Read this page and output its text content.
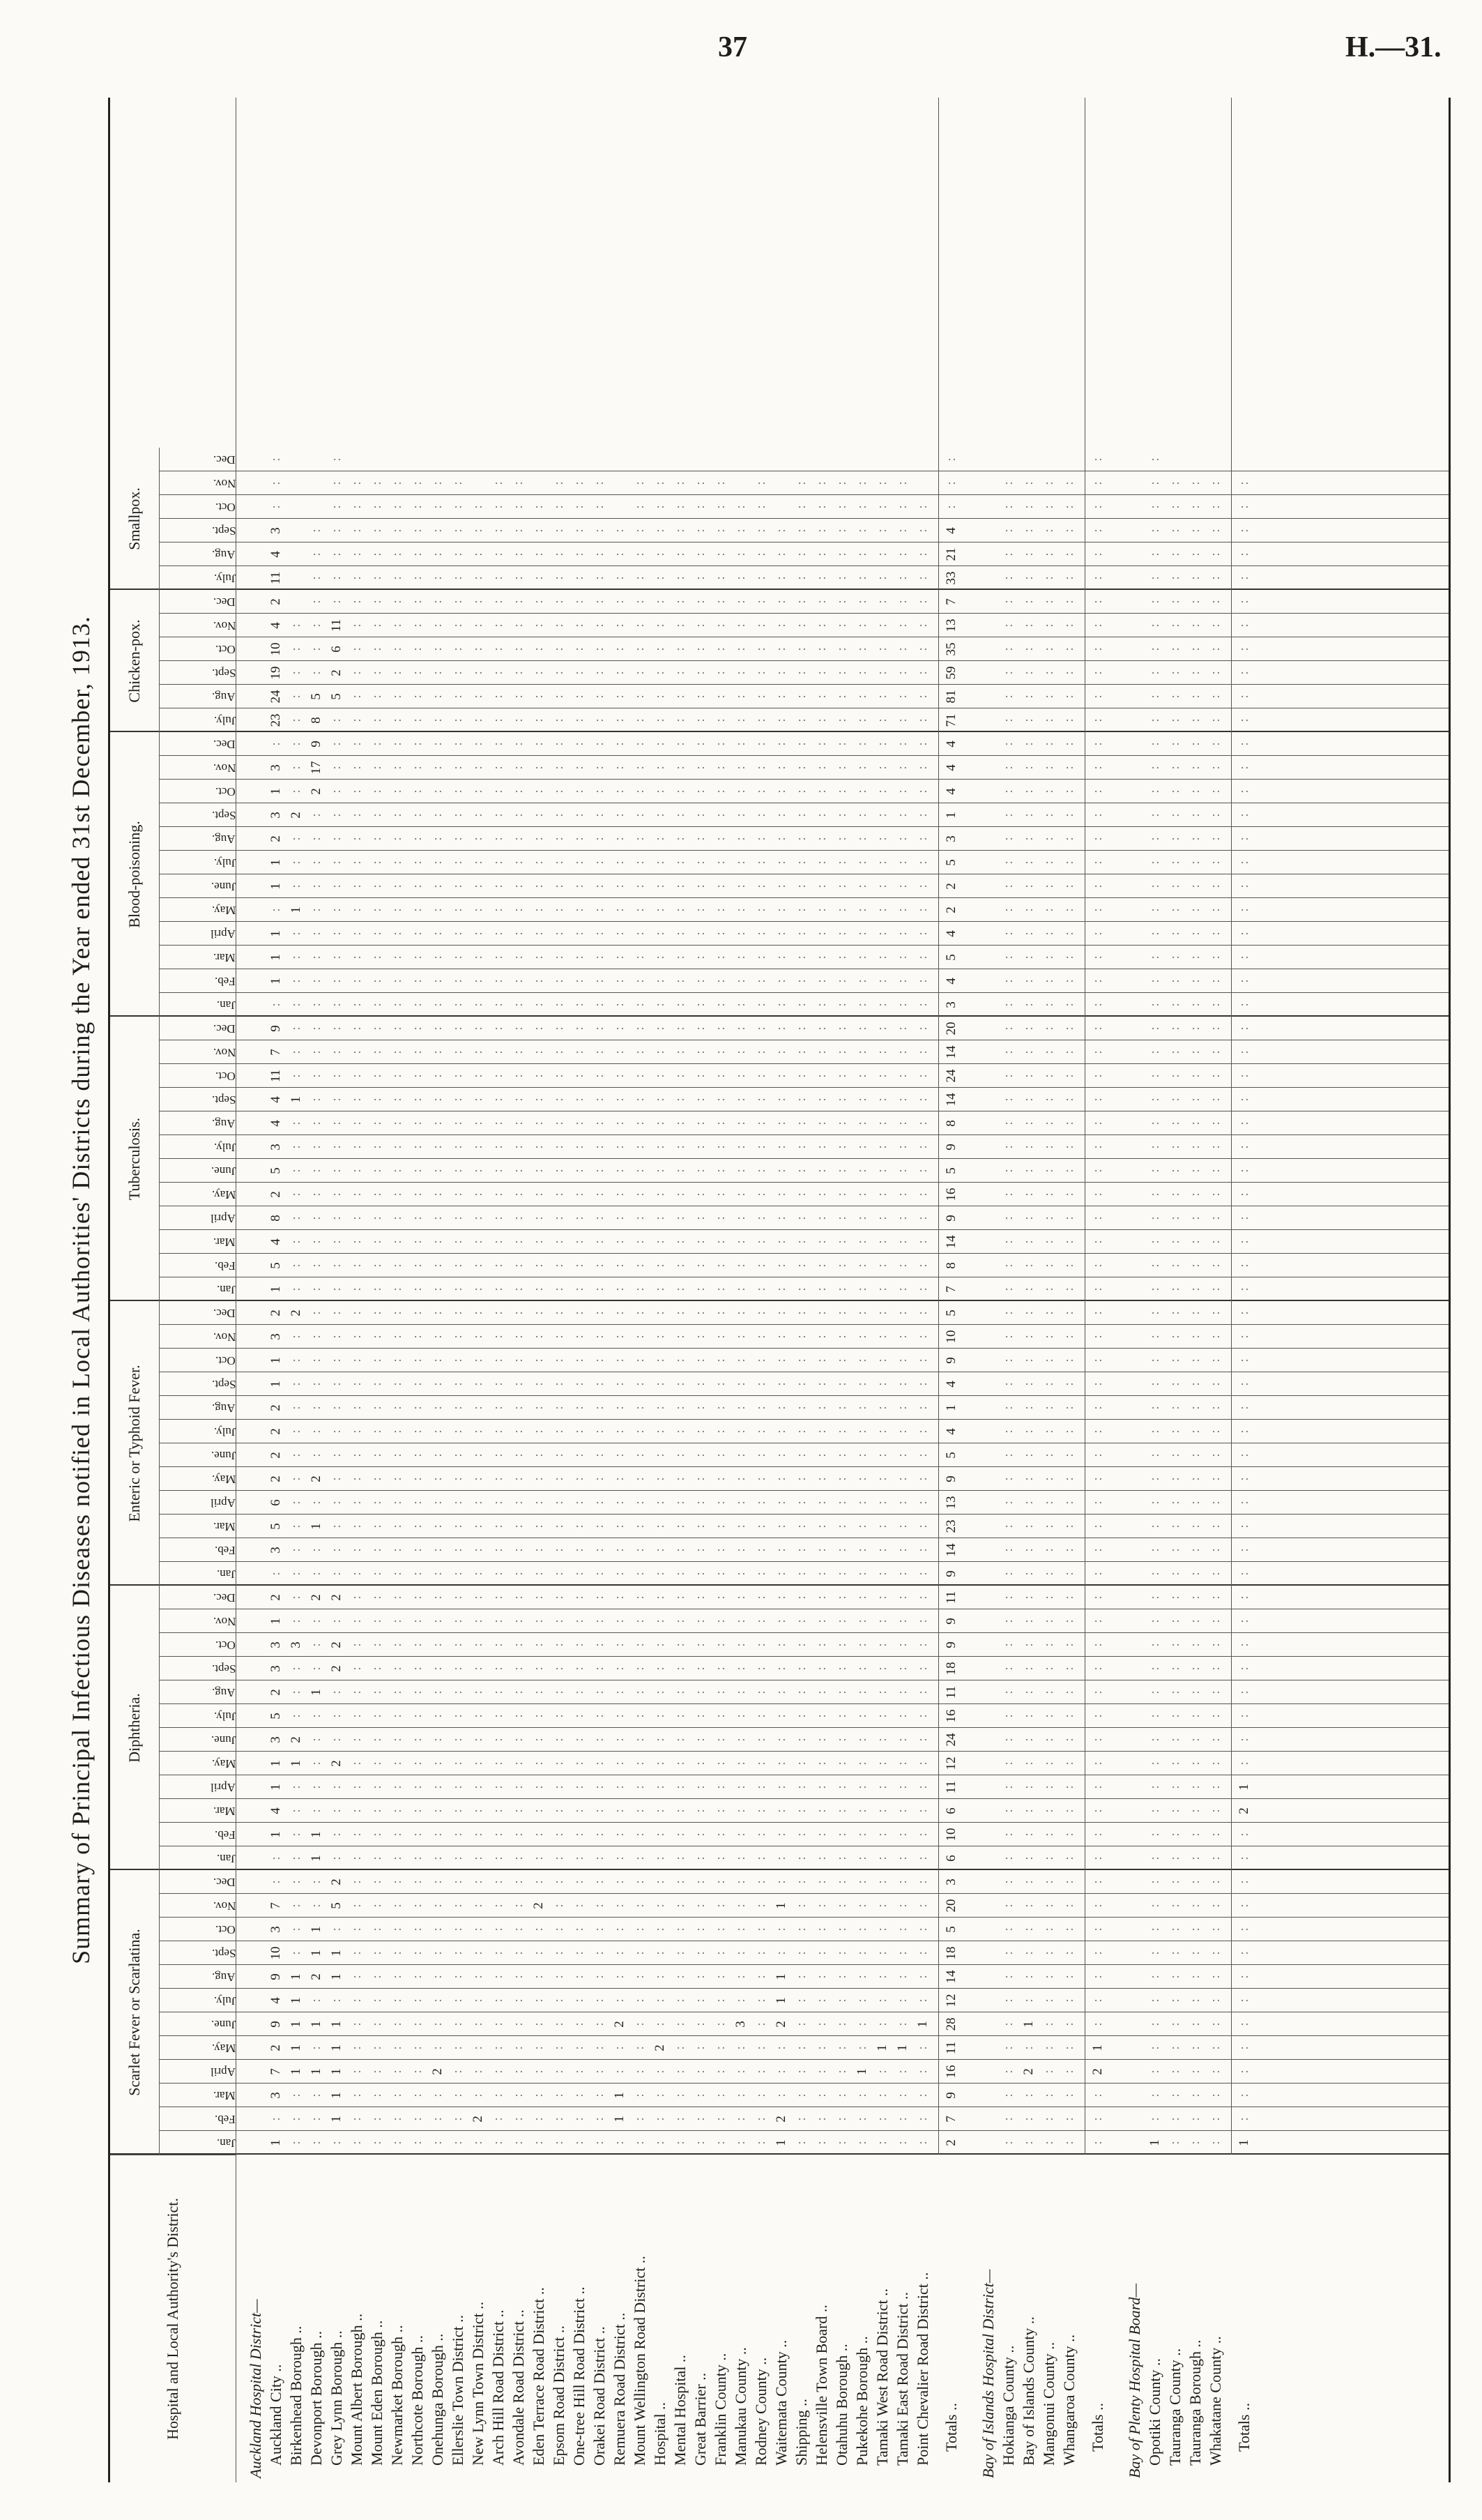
37	H.—31.
Summary of Principal Infectious Diseases notified in Local Authorities' Districts during the Year ended 31st December, 1913.
Hospital and Local Authority's District.
Scarlet Fever or Scarlatina.
Jan.
Feb.
Mar.
April
May.
June.
July.
Aug.
Sept.
Oct.
Nov.
Dec.
Diphtheria.
Jan.
Feb.
Mar.
April
May.
June.
July.
Aug.
Sept.
Oct.
Nov.
Dec.
Enteric or Typhoid Fever.
Jan.
Feb.
Mar.
April
May.
June.
July.
Aug.
Sept.
Oct.
Nov.
Dec.
Tuberculosis.
Jan.
Feb.
Mar.
April
May.
June.
July.
Aug.
Sept.
Oct.
Nov.
Dec.
Blood-poisoning.
Jan.
Feb.
Mar.
April
May.
June.
July.
Aug.
Sept.
Oct.
Nov.
Dec.
Chicken-pox.
July.
Aug.
Sept.
Oct.
Nov.
Dec.
Smallpox.
July.
Aug.
Sept.
Oct.
Nov.
Dec.
Auckland Hospital District— Auckland City ..
1
:
3
7
2
9
4
9
10
3
7
:
:
1
4
1
1
3
5
2
3
3
1
2
:
3
5
6
2
2
2
2
1
1
3
2
1
5
4
8
2
5
3
4
4
11
7
9
:
1
1
1
:
1
1
2
3
1
3
:
23
24
19
10
4
2
11
4
3
:
:
:
Birkenhead Borough ..
:
:
:
1
1
1
1
1
:
:
:
:
:
:
:
:
1
2
:
:
:
3
:
:
:
:
:
:
:
:
:
:
:
:
:
2
:
:
:
:
:
:
:
:
1
:
:
:
:
:
:
:
1
:
:
:
2
:
:
:
:
:
:
:
:
Devonport Borough ..
:
:
:
1
:
1
:
2
1
1
:
:
1
1
:
:
:
:
:
1
:
:
:
2
:
:
1
:
2
:
:
:
:
:
:
:
:
:
:
:
:
:
:
:
:
:
:
:
:
:
:
:
:
:
:
:
:
2
17
9
8
5
:
:
:
:
:
:
:
Grey Lynn Borough ..
:
1
1
1
1
1
:
1
1
:
5
2
:
:
:
:
2
:
:
:
2
2
:
2
:
:
:
:
:
:
:
:
:
:
:
:
:
:
:
:
:
:
:
:
:
:
:
:
:
:
:
:
:
:
:
:
:
:
:
:
:
5
2
6
11
:
:
:
:
:
:
:
Mount Albert Borough ..
:
:
:
:
:
:
:
:
:
:
:
:
:
:
:
:
:
:
:
:
:
:
:
:
:
:
:
:
:
:
:
:
:
:
:
:
:
:
:
:
:
:
:
:
:
:
:
:
:
:
:
:
:
:
:
:
:
:
:
:
:
:
:
:
:
:
:
:
:
:
:
Mount Eden Borough ..
:
:
:
:
:
:
:
:
:
:
:
:
:
:
:
:
:
:
:
:
:
:
:
:
:
:
:
:
:
:
:
:
:
:
:
:
:
:
:
:
:
:
:
:
:
:
:
:
:
:
:
:
:
:
:
:
:
:
:
:
:
:
:
:
:
:
:
:
:
:
:
Newmarket Borough ..
:
:
:
:
:
:
:
:
:
:
:
:
:
:
:
:
:
:
:
:
:
:
:
:
:
:
:
:
:
:
:
:
:
:
:
:
:
:
:
:
:
:
:
:
:
:
:
:
:
:
:
:
:
:
:
:
:
:
:
:
:
:
:
:
:
:
:
:
:
:
:
Northcote Borough ..
:
:
:
:
:
:
:
:
:
:
:
:
:
:
:
:
:
:
:
:
:
:
:
:
:
:
:
:
:
:
:
:
:
:
:
:
:
:
:
:
:
:
:
:
:
:
:
:
:
:
:
:
:
:
:
:
:
:
:
:
:
:
:
:
:
:
:
:
:
:
:
Onehunga Borough ..
:
:
:
2
:
:
:
:
:
:
:
:
:
:
:
:
:
:
:
:
:
:
:
:
:
:
:
:
:
:
:
:
:
:
:
:
:
:
:
:
:
:
:
:
:
:
:
:
:
:
:
:
:
:
:
:
:
:
:
:
:
:
:
:
:
:
:
:
:
:
:
Ellerslie Town District ..
:
:
:
:
:
:
:
:
:
:
:
:
:
:
:
:
:
:
:
:
:
:
:
:
:
:
:
:
:
:
:
:
:
:
:
:
:
:
:
:
:
:
:
:
:
:
:
:
:
:
:
:
:
:
:
:
:
:
:
:
:
:
:
:
:
:
:
:
:
:
:
New Lynn Town District ..
:
2
:
:
:
:
:
:
:
:
:
:
:
:
:
:
:
:
:
:
:
:
:
:
:
:
:
:
:
:
:
:
:
:
:
:
:
:
:
:
:
:
:
:
:
:
:
:
:
:
:
:
:
:
:
:
:
:
:
:
:
:
:
:
:
:
:
:
:
:
Arch Hill Road District ..
:
:
:
:
:
:
:
:
:
:
:
:
:
:
:
:
:
:
:
:
:
:
:
:
:
:
:
:
:
:
:
:
:
:
:
:
:
:
:
:
:
:
:
:
:
:
:
:
:
:
:
:
:
:
:
:
:
:
:
:
:
:
:
:
:
:
:
:
:
:
:
Avondale Road District ..
:
:
:
:
:
:
:
:
:
:
:
:
:
:
:
:
:
:
:
:
:
:
:
:
:
:
:
:
:
:
:
:
:
:
:
:
:
:
:
:
:
:
:
:
:
:
:
:
:
:
:
:
:
:
:
:
:
:
:
:
:
:
:
:
:
:
:
:
:
:
:
Eden Terrace Road District ..
:
:
:
:
:
:
:
:
:
:
2
:
:
:
:
:
:
:
:
:
:
:
:
:
:
:
:
:
:
:
:
:
:
:
:
:
:
:
:
:
:
:
:
:
:
:
:
:
:
:
:
:
:
:
:
:
:
:
:
:
:
:
:
:
:
:
:
:
:
:
Epsom Road District ..
:
:
:
:
:
:
:
:
:
:
:
:
:
:
:
:
:
:
:
:
:
:
:
:
:
:
:
:
:
:
:
:
:
:
:
:
:
:
:
:
:
:
:
:
:
:
:
:
:
:
:
:
:
:
:
:
:
:
:
:
:
:
:
:
:
:
:
:
:
:
:
One-tree Hill Road District ..
:
:
:
:
:
:
:
:
:
:
:
:
:
:
:
:
:
:
:
:
:
:
:
:
:
:
:
:
:
:
:
:
:
:
:
:
:
:
:
:
:
:
:
:
:
:
:
:
:
:
:
:
:
:
:
:
:
:
:
:
:
:
:
:
:
:
:
:
:
:
:
Orakei Road District ..
:
:
:
:
:
:
:
:
:
:
:
:
:
:
:
:
:
:
:
:
:
:
:
:
:
:
:
:
:
:
:
:
:
:
:
:
:
:
:
:
:
:
:
:
:
:
:
:
:
:
:
:
:
:
:
:
:
:
:
:
:
:
:
:
:
:
:
:
:
:
:
Remuera Road District ..
:
1
1
:
:
2
:
:
:
:
:
:
:
:
:
:
:
:
:
:
:
:
:
:
:
:
:
:
:
:
:
:
:
:
:
:
:
:
:
:
:
:
:
:
:
:
:
:
:
:
:
:
:
:
:
:
:
:
:
:
:
:
:
:
:
:
:
:
:
Mount Wellington Road District ..
:
:
:
:
:
:
:
:
:
:
:
:
:
:
:
:
:
:
:
:
:
:
:
:
:
:
:
:
:
:
:
:
:
:
:
:
:
:
:
:
:
:
:
:
:
:
:
:
:
:
:
:
:
:
:
:
:
:
:
:
:
:
:
:
:
:
:
:
:
:
:
Hospital ..
:
:
:
:
2
:
:
:
:
:
:
:
:
:
:
:
:
:
:
:
:
:
:
:
:
:
:
:
:
:
:
:
:
:
:
:
:
:
:
:
:
:
:
:
:
:
:
:
:
:
:
:
:
:
:
:
:
:
:
:
:
:
:
:
:
:
:
:
:
:
:
Mental Hospital ..
:
:
:
:
:
:
:
:
:
:
:
:
:
:
:
:
:
:
:
:
:
:
:
:
:
:
:
:
:
:
:
:
:
:
:
:
:
:
:
:
:
:
:
:
:
:
:
:
:
:
:
:
:
:
:
:
:
:
:
:
:
:
:
:
:
:
:
:
:
:
:
Great Barrier ..
:
:
:
:
:
:
:
:
:
:
:
:
:
:
:
:
:
:
:
:
:
:
:
:
:
:
:
:
:
:
:
:
:
:
:
:
:
:
:
:
:
:
:
:
:
:
:
:
:
:
:
:
:
:
:
:
:
:
:
:
:
:
:
:
:
:
:
:
:
:
:
Franklin County ..
:
:
:
:
:
:
:
:
:
:
:
:
:
:
:
:
:
:
:
:
:
:
:
:
:
:
:
:
:
:
:
:
:
:
:
:
:
:
:
:
:
:
:
:
:
:
:
:
:
:
:
:
:
:
:
:
:
:
:
:
:
:
:
:
:
:
:
:
:
:
:
Manukau County ..
:
:
:
:
:
3
:
:
:
:
:
:
:
:
:
:
:
:
:
:
:
:
:
:
:
:
:
:
:
:
:
:
:
:
:
:
:
:
:
:
:
:
:
:
:
:
:
:
:
:
:
:
:
:
:
:
:
:
:
:
:
:
:
:
:
:
:
:
:
:
Rodney County ..
:
:
:
:
:
:
:
:
:
:
:
:
:
:
:
:
:
:
:
:
:
:
:
:
:
:
:
:
:
:
:
:
:
:
:
:
:
:
:
:
:
:
:
:
:
:
:
:
:
:
:
:
:
:
:
:
:
:
:
:
:
:
:
:
:
:
:
:
:
:
:
Waitemata County ..
1
2
:
:
:
2
1
1
:
:
1
:
:
:
:
:
:
:
:
:
:
:
:
:
:
:
:
:
:
:
:
:
:
:
:
:
:
:
:
:
:
:
:
:
:
:
:
:
:
:
:
:
:
:
:
:
:
:
:
:
:
:
:
:
:
:
:
:
:
Shipping ..
:
:
:
:
:
:
:
:
:
:
:
:
:
:
:
:
:
:
:
:
:
:
:
:
:
:
:
:
:
:
:
:
:
:
:
:
:
:
:
:
:
:
:
:
:
:
:
:
:
:
:
:
:
:
:
:
:
:
:
:
:
:
:
:
:
:
:
:
:
:
:
Helensville Town Board ..
:
:
:
:
:
:
:
:
:
:
:
:
:
:
:
:
:
:
:
:
:
:
:
:
:
:
:
:
:
:
:
:
:
:
:
:
:
:
:
:
:
:
:
:
:
:
:
:
:
:
:
:
:
:
:
:
:
:
:
:
:
:
:
:
:
:
:
:
:
:
:
Otahuhu Borough ..
:
:
:
:
:
:
:
:
:
:
:
:
:
:
:
:
:
:
:
:
:
:
:
:
:
:
:
:
:
:
:
:
:
:
:
:
:
:
:
:
:
:
:
:
:
:
:
:
:
:
:
:
:
:
:
:
:
:
:
:
:
:
:
:
:
:
:
:
:
:
:
Pukekohe Borough ..
:
:
:
1
:
:
:
:
:
:
:
:
:
:
:
:
:
:
:
:
:
:
:
:
:
:
:
:
:
:
:
:
:
:
:
:
:
:
:
:
:
:
:
:
:
:
:
:
:
:
:
:
:
:
:
:
:
:
:
:
:
:
:
:
:
:
:
:
:
:
:
Tamaki West Road District ..
:
:
:
:
1
:
:
:
:
:
:
:
:
:
:
:
:
:
:
:
:
:
:
:
:
:
:
:
:
:
:
:
:
:
:
:
:
:
:
:
:
:
:
:
:
:
:
:
:
:
:
:
:
:
:
:
:
:
:
:
:
:
:
:
:
:
:
:
:
:
:
Tamaki East Road District ..
:
:
:
:
1
:
:
:
:
:
:
:
:
:
:
:
:
:
:
:
:
:
:
:
:
:
:
:
:
:
:
:
:
:
:
:
:
:
:
:
:
:
:
:
:
:
:
:
:
:
:
:
:
:
:
:
:
:
:
:
:
:
:
:
:
:
:
:
:
:
:
Point Chevalier Road District ..
:
:
:
:
:
1
:
:
:
:
:
:
:
:
:
:
:
:
:
:
:
:
:
:
:
:
:
:
:
:
:
:
:
:
:
:
:
:
:
:
:
:
:
:
:
:
:
:
:
:
:
:
:
:
:
:
:
:
:
:
:
:
:
:
:
:
:
:
:
:
Totals ..
2
7
9
16
11
28
12
14
18
5
20
3
6
10
6
11
12
24
16
11
18
9
9
11
9
14
23
13
9
5
4
1
4
9
10
5
7
8
14
9
16
5
9
8
14
24
14
20
3
4
5
4
2
2
5
3
1
4
4
4
71
81
59
35
13
7
33
21
4
:
:
:
Bay of Islands Hospital District— Hokianga County ..
:
:
:
:
:
:
:
:
:
:
:
:
:
:
:
:
:
:
:
:
:
:
:
:
:
:
:
:
:
:
:
:
:
:
:
:
:
:
:
:
:
:
:
:
:
:
:
:
:
:
:
:
:
:
:
:
:
:
:
:
:
:
:
:
:
:
:
:
:
:
:
Bay of Islands County ..
:
:
:
2
:
1
:
:
:
:
:
:
:
:
:
:
:
:
:
:
:
:
:
:
:
:
:
:
:
:
:
:
:
:
:
:
:
:
:
:
:
:
:
:
:
:
:
:
:
:
:
:
:
:
:
:
:
:
:
:
:
:
:
:
:
:
:
:
:
:
:
Mangonui County ..
:
:
:
:
:
:
:
:
:
:
:
:
:
:
:
:
:
:
:
:
:
:
:
:
:
:
:
:
:
:
:
:
:
:
:
:
:
:
:
:
:
:
:
:
:
:
:
:
:
:
:
:
:
:
:
:
:
:
:
:
:
:
:
:
:
:
:
:
:
:
:
Whangaroa County ..
:
:
:
:
:
:
:
:
:
:
:
:
:
:
:
:
:
:
:
:
:
:
:
:
:
:
:
:
:
:
:
:
:
:
:
:
:
:
:
:
:
:
:
:
:
:
:
:
:
:
:
:
:
:
:
:
:
:
:
:
:
:
:
:
:
:
:
:
:
:
:
Totals ..
:
:
:
2
1
:
:
:
:
:
:
:
:
:
:
:
:
:
:
:
:
:
:
:
:
:
:
:
:
:
:
:
:
:
:
:
:
:
:
:
:
:
:
:
:
:
:
:
:
:
:
:
:
:
:
:
:
:
:
:
:
:
:
:
:
:
:
:
:
:
:
:
Bay of Plenty Hospital Board— Opotiki County ..
1
:
:
:
:
:
:
:
:
:
:
:
:
:
:
:
:
:
:
:
:
:
:
:
:
:
:
:
:
:
:
:
:
:
:
:
:
:
:
:
:
:
:
:
:
:
:
:
:
:
:
:
:
:
:
:
:
:
:
:
:
:
:
:
:
:
:
:
:
:
:
:
Tauranga County ..
:
:
:
:
:
:
:
:
:
:
:
:
:
:
:
:
:
:
:
:
:
:
:
:
:
:
:
:
:
:
:
:
:
:
:
:
:
:
:
:
:
:
:
:
:
:
:
:
:
:
:
:
:
:
:
:
:
:
:
:
:
:
:
:
:
:
:
:
:
:
:
Tauranga Borough ..
:
:
:
:
:
:
:
:
:
:
:
:
:
:
:
:
:
:
:
:
:
:
:
:
:
:
:
:
:
:
:
:
:
:
:
:
:
:
:
:
:
:
:
:
:
:
:
:
:
:
:
:
:
:
:
:
:
:
:
:
:
:
:
:
:
:
:
:
:
:
:
Whakatane County ..
:
:
:
:
:
:
:
:
:
:
:
:
:
:
:
:
:
:
:
:
:
:
:
:
:
:
:
:
:
:
:
:
:
:
:
:
:
:
:
:
:
:
:
:
:
:
:
:
:
:
:
:
:
:
:
:
:
:
:
:
:
:
:
:
:
:
:
:
:
:
:
Totals ..
1
:
:
:
:
:
:
:
:
:
:
:
:
:
2
1
:
:
:
:
:
:
:
:
:
:
:
:
:
:
:
:
:
:
:
:
:
:
:
:
:
:
:
:
:
:
:
:
:
:
:
:
:
:
:
:
:
:
:
:
:
:
:
:
:
:
:
:
:
:
:
